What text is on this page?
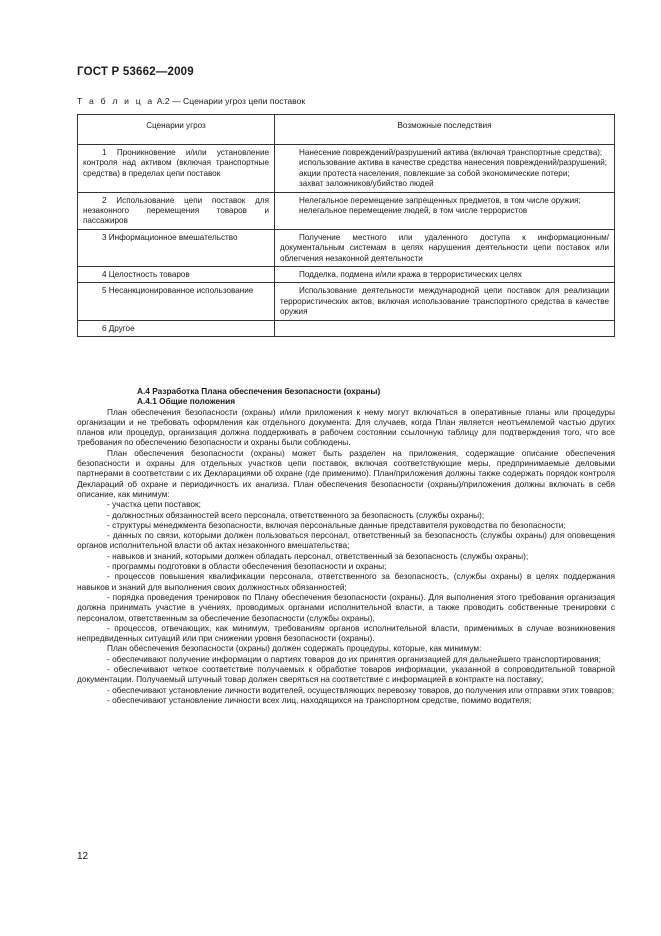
ГОСТ Р 53662—2009
Т а б л и ц а А.2 — Сценарии угроз цепи поставок
Сценарии угроз	Возможные последствия
1 Проникновение и/или установление контроля над активом (включая транспортные средства) в пределах цепи поставок	Нанесение повреждений/разрушений актива (включая транспортные средства);

использование актива в качестве средства нанесения повреждений/разрушений;

акции протеста населения, повлекшие за собой экономические потери;

захват заложников/убийство людей

2 Использование цепи поставок для незаконного перемещения товаров и пассажиров	Нелегальное перемещение запрещенных предметов, в том числе оружия;

нелегальное перемещение людей, в том числе террористов

3 Информационное вмешательство	Получение местного или удаленного доступа к информационным/документальным системам в целях нарушения деятельности цепи поставок или облегчения незаконной деятельности

4 Целостность товаров	Подделка, подмена и/или кража в террористических целях

5 Несанкционированное использование	Использование деятельности международной цепи поставок для реализации террористических актов, включая использование транспортного средства в качестве оружия

6 Другое	

А.4 Разработка Плана обеспечения безопасности (охраны)

А.4.1 Общие положения

План обеспечения безопасности (охраны) и/или приложения к нему могут включаться в оперативные планы или процедуры организации и не требовать оформления как отдельного документа. Для случаев, когда План является неотъемлемой частью других планов или процедур, организация должна поддерживать в рабочем состоянии ссылочную таблицу для подтверждения того, что все требования по обеспечению безопасности и охраны были соблюдены.

План обеспечения безопасности (охраны) может быть разделен на приложения, содержащие описание обеспечения безопасности и охраны для отдельных участков цепи поставок, включая соответствующие меры, предпринимаемые деловыми партнерами в соответствии с их Декларациями об охране (где применимо). План/приложения должны также содержать порядок контроля Деклараций об охране и периодичность их анализа. План обеспечения безопасности (охраны)/приложения должны включать в себя описание, как минимум:

- участка цепи поставок;
- должностных обязанностей всего персонала, ответственного за безопасность (службы охраны);
- структуры менеджмента безопасности, включая персональные данные представителя руководства по безопасности;
- данных по связи, которыми должен пользоваться персонал, ответственный за безопасность (службы охраны) для оповещения органов исполнительной власти об актах незаконного вмешательства;
- навыков и знаний, которыми должен обладать персонал, ответственный за безопасность (службы охраны);
- программы подготовки в области обеспечения безопасности и охраны;
- процессов повышения квалификации персонала, ответственного за безопасность, (службы охраны) в целях поддержания навыков и знаний для выполнения своих должностных обязанностей;
- порядка проведения тренировок по Плану обеспечения безопасности (охраны). Для выполнения этого требования организация должна принимать участие в учениях, проводимых органами исполнительной власти, а также проводить собственные тренировки с персоналом, ответственным за обеспечение безопасности (службы охраны),
- процессов, отвечающих, как минимум, требованиям органов исполнительной власти, применимых в случае возникновения непредвиденных ситуаций или при снижении уровня безопасности (охраны).

План обеспечения безопасности (охраны) должен содержать процедуры, которые, как минимум:

- обеспечивают получение информации о партиях товаров до их принятия организацией для дальнейшего транспортирования;
- обеспечивают четкое соответствие получаемых к обработке товаров информации, указанной в сопроводительной товарной документации. Получаемый штучный товар должен сверяться на соответствие с информацией в контракте на поставку;
- обеспечивают установление личности водителей, осуществляющих перевозку товаров, до получения или отправки этих товаров;
- обеспечивают установление личности всех лиц, находящихся на транспортном средстве, помимо водителя;
12
